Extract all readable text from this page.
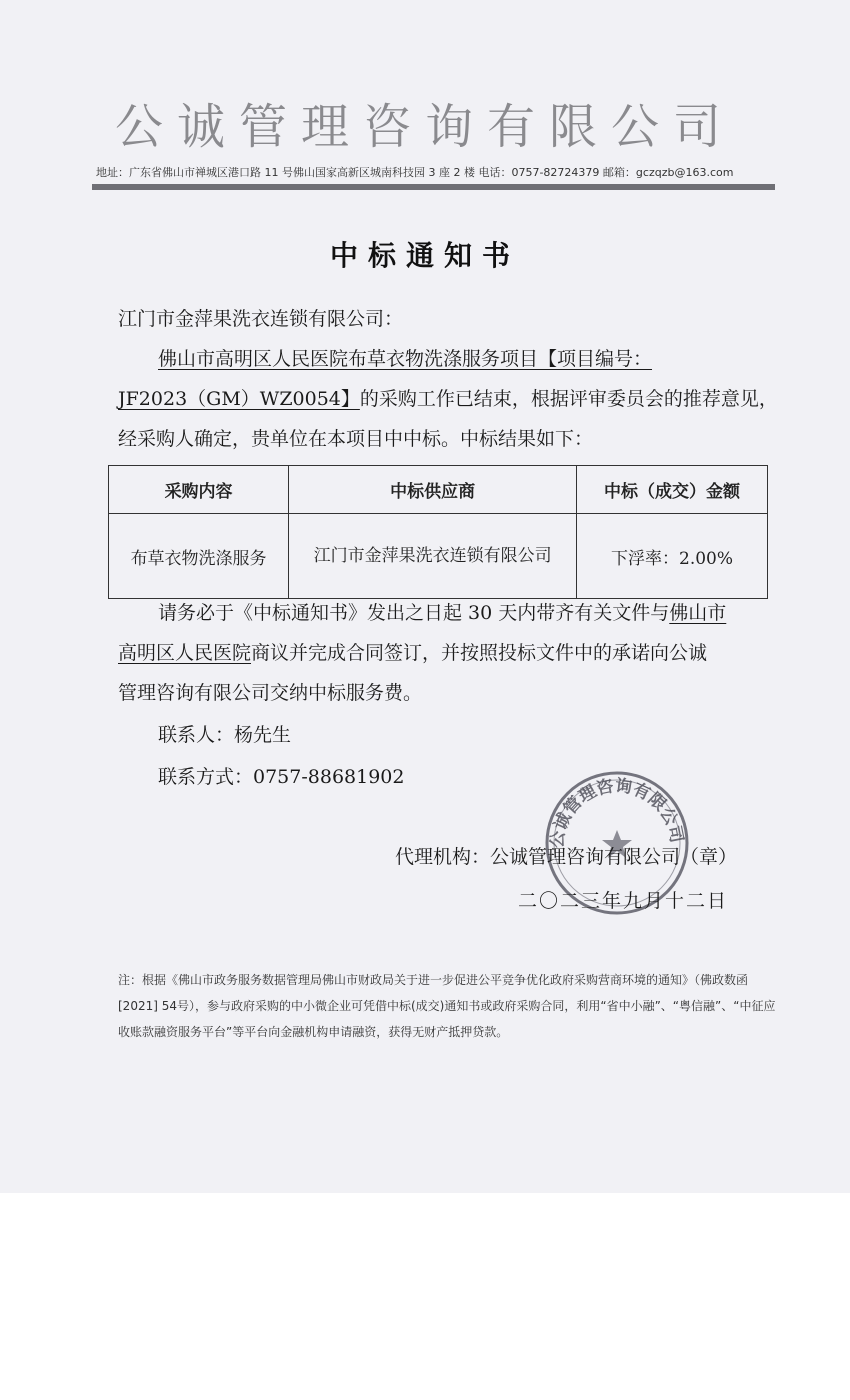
公诚管理咨询有限公司
地址：广东省佛山市禅城区港口路 11 号佛山国家高新区城南科技园 3 座 2 楼 电话：0757-82724379 邮箱：gczqzb@163.com
中标通知书
江门市金萍果洗衣连锁有限公司：
佛山市高明区人民医院布草衣物洗涤服务项目【项目编号：
JF2023（GM）WZ0054】的采购工作已结束，根据评审委员会的推荐意见，
经采购人确定，贵单位在本项目中中标。中标结果如下：
采购内容	中标供应商	中标（成交）金额
布草衣物洗涤服务	江门市金萍果洗衣连锁有限公司	下浮率：2.00%
请务必于《中标通知书》发出之日起 30 天内带齐有关文件与佛山市
高明区人民医院商议并完成合同签订，并按照投标文件中的承诺向公诚
管理咨询有限公司交纳中标服务费。
联系人：杨先生
联系方式：0757-88681902
公诚管理咨询有限公司
代理机构：公诚管理咨询有限公司（章）
二〇二三年九月十二日
注：根据《佛山市政务服务数据管理局佛山市财政局关于进一步促进公平竞争优化政府采购营商环境的通知》（佛政数函[2021] 54号），参与政府采购的中小微企业可凭借中标(成交)通知书或政府采购合同，利用“省中小融”、“粤信融”、“中征应收账款融资服务平台”等平台向金融机构申请融资，获得无财产抵押贷款。
